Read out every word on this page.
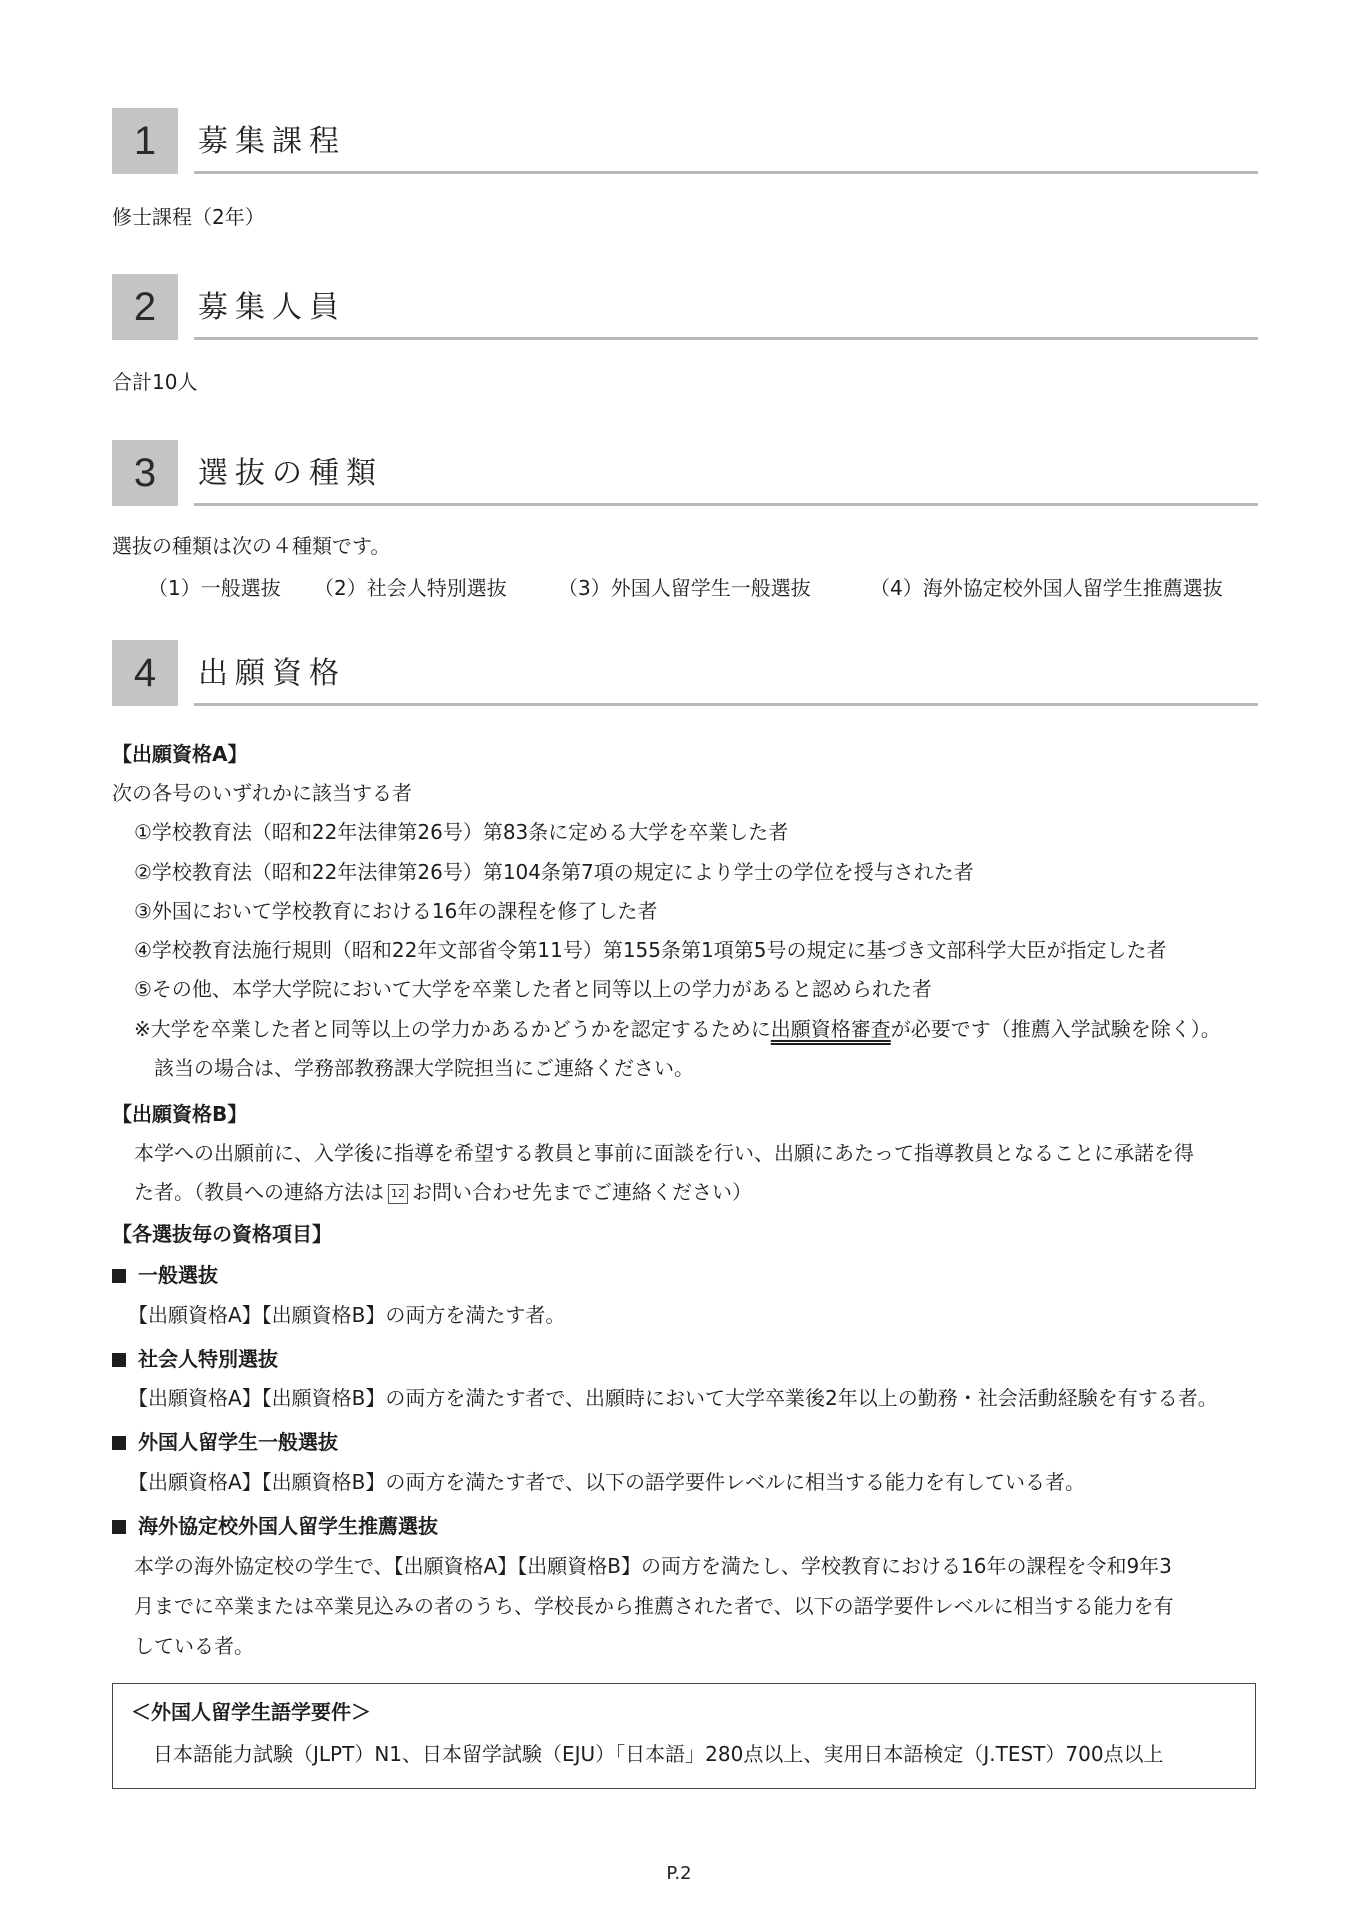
1	募集課程
修士課程（2年）
2	募集人員
合計10人
3	選抜の種類
選抜の種類は次の４種類です。
（1）一般選抜 （2）社会人特別選抜	（3）外国人留学生一般選抜	（4）海外協定校外国人留学生推薦選抜
4	出願資格
【出願資格A】
次の各号のいずれかに該当する者
①学校教育法（昭和22年法律第26号）第83条に定める大学を卒業した者
②学校教育法（昭和22年法律第26号）第104条第7項の規定により学士の学位を授与された者
③外国において学校教育における16年の課程を修了した者
④学校教育法施行規則（昭和22年文部省令第11号）第155条第1項第5号の規定に基づき文部科学大臣が指定した者
⑤その他、本学大学院において大学を卒業した者と同等以上の学力があると認められた者
※大学を卒業した者と同等以上の学力かあるかどうかを認定するために出願資格審査が必要です（推薦入学試験を除く）。
該当の場合は、学務部教務課大学院担当にご連絡ください。
【出願資格B】
本学への出願前に、入学後に指導を希望する教員と事前に面談を行い、出願にあたって指導教員となることに承諾を得
た者。（教員への連絡方法は 12 お問い合わせ先までご連絡ください）
【各選抜毎の資格項目】
一般選抜
【出願資格A】【出願資格B】の両方を満たす者。
社会人特別選抜
【出願資格A】【出願資格B】の両方を満たす者で、出願時において大学卒業後2年以上の勤務・社会活動経験を有する者。
外国人留学生一般選抜
【出願資格A】【出願資格B】の両方を満たす者で、以下の語学要件レベルに相当する能力を有している者。
海外協定校外国人留学生推薦選抜
本学の海外協定校の学生で、【出願資格A】【出願資格B】の両方を満たし、学校教育における16年の課程を令和9年3
月までに卒業または卒業見込みの者のうち、学校長から推薦された者で、以下の語学要件レベルに相当する能力を有
している者。
＜外国人留学生語学要件＞
日本語能力試験（JLPT）N1、日本留学試験（EJU）「日本語」280点以上、実用日本語検定（J.TEST）700点以上
P.2
